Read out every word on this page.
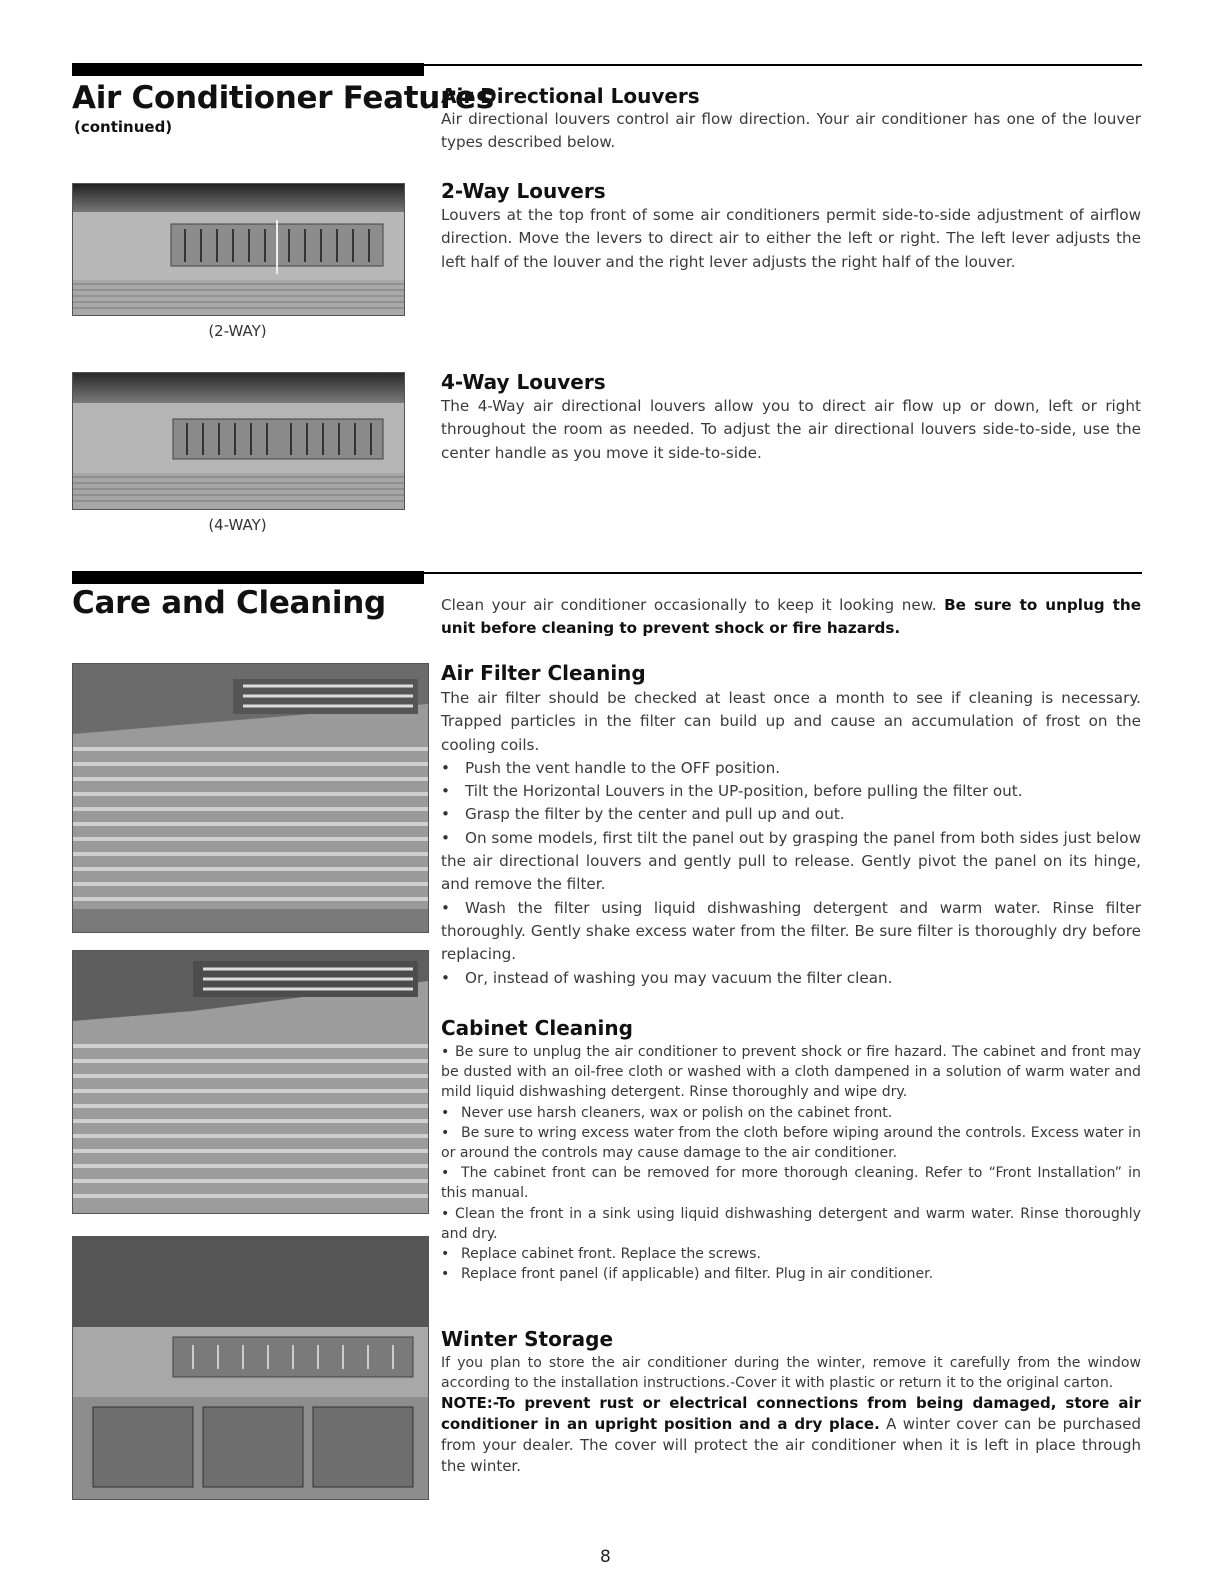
Air Conditioner Features
(continued)
Air Directional Louvers

Air directional louvers control air flow direction. Your air conditioner has one of the louver types described below.

(2-WAY)
2-Way Louvers

Louvers at the top front of some air conditioners permit side-to-side adjustment of airflow direction. Move the levers to direct air to either the left or right. The left lever adjusts the left half of the louver and the right lever adjusts the right half of the louver.

(4-WAY)
4-Way Louvers

The 4-Way air directional louvers allow you to direct air flow up or down, left or right throughout the room as needed. To adjust the air directional louvers side-to-side, use the center handle as you move it side-to-side.

Care and Cleaning	Clean your air conditioner occasionally to keep it looking new. Be sure to unplug the unit before cleaning to prevent shock or fire hazards.

Air Filter Cleaning
The air filter should be checked at least once a month to see if cleaning is necessary. Trapped particles in the filter can build up and cause an accumulation of frost on the cooling coils.
• Push the vent handle to the OFF position.
• Tilt the Horizontal Louvers in the UP-position, before pulling the filter out.
• Grasp the filter by the center and pull up and out.
• On some models, first tilt the panel out by grasping the panel from both sides just below the air directional louvers and gently pull to release. Gently pivot the panel on its hinge, and remove the filter.
• Wash the filter using liquid dishwashing detergent and warm water. Rinse filter thoroughly. Gently shake excess water from the filter. Be sure filter is thoroughly dry before replacing.
• Or, instead of washing you may vacuum the filter clean.
Cabinet Cleaning
• Be sure to unplug the air conditioner to prevent shock or fire hazard. The cabinet and front may be dusted with an oil-free cloth or washed with a cloth dampened in a solution of warm water and mild liquid dishwashing detergent. Rinse thoroughly and wipe dry.
• Never use harsh cleaners, wax or polish on the cabinet front.
• Be sure to wring excess water from the cloth before wiping around the controls. Excess water in or around the controls may cause damage to the air conditioner.
• The cabinet front can be removed for more thorough cleaning. Refer to “Front Installation” in this manual.
• Clean the front in a sink using liquid dishwashing detergent and warm water. Rinse thoroughly and dry.
• Replace cabinet front. Replace the screws.
• Replace front panel (if applicable) and filter. Plug in air conditioner.
Winter Storage
If you plan to store the air conditioner during the winter, remove it carefully from the window according to the installation instructions.-Cover it with plastic or return it to the original carton.
NOTE:-To prevent rust or electrical connections from being damaged, store air conditioner in an upright position and a dry place. A winter cover can be purchased from your dealer. The cover will protect the air conditioner when it is left in place through the winter.
8
